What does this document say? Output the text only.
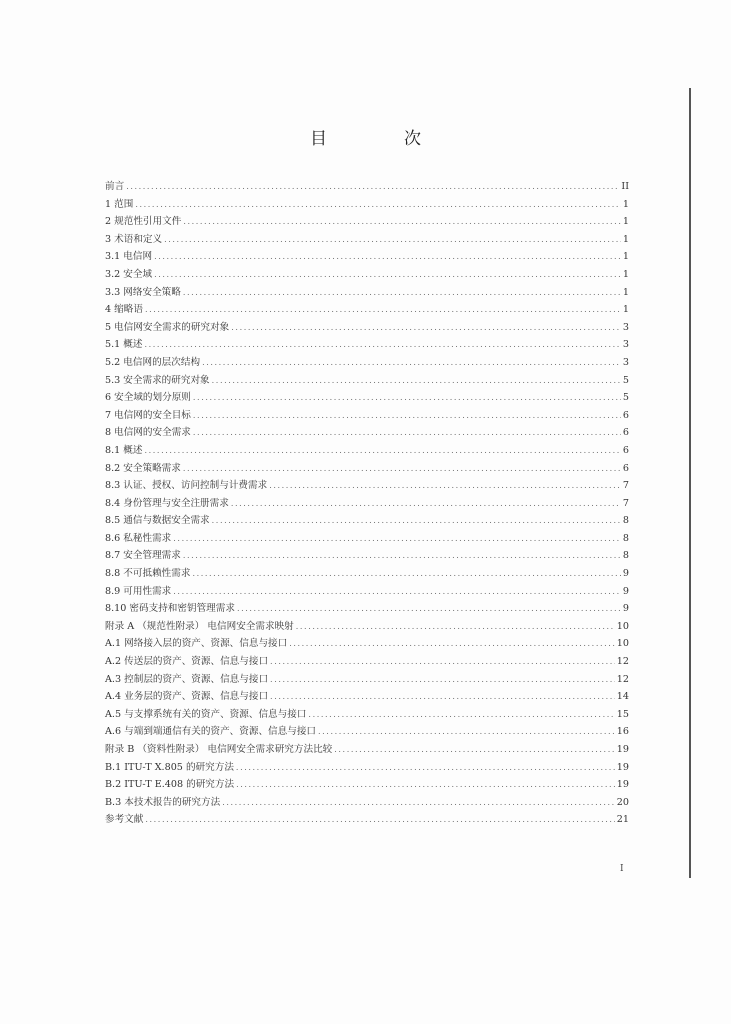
目　次
前言 .....	II
1 范围 .....	1
2 规范性引用文件 .....	1
3 术语和定义 .....	1
3.1 电信网 .....	1
3.2 安全域 .....	1
3.3 网络安全策略 .....	1
4 缩略语 .....	1
5 电信网安全需求的研究对象 .....	3
5.1 概述 .....	3
5.2 电信网的层次结构 .....	3
5.3 安全需求的研究对象 .....	5
6 安全域的划分原则 .....	5
7 电信网的安全目标 .....	6
8 电信网的安全需求 .....	6
8.1 概述 .....	6
8.2 安全策略需求 .....	6
8.3 认证、授权、访问控制与计费需求 .....	7
8.4 身份管理与安全注册需求 .....	7
8.5 通信与数据安全需求 .....	8
8.6 私秘性需求 .....	8
8.7 安全管理需求 .....	8
8.8 不可抵赖性需求 .....	9
8.9 可用性需求 .....	9
8.10 密码支持和密钥管理需求 .....	9
附录 A （规范性附录） 电信网安全需求映射 .....	10
A.1 网络接入层的资产、资源、信息与接口 .....	10
A.2 传送层的资产、资源、信息与接口 .....	12
A.3 控制层的资产、资源、信息与接口 .....	12
A.4 业务层的资产、资源、信息与接口 .....	14
A.5 与支撑系统有关的资产、资源、信息与接口 .....	15
A.6 与端到端通信有关的资产、资源、信息与接口 .....	16
附录 B （资料性附录） 电信网安全需求研究方法比较 .....	19
B.1 ITU-T X.805 的研究方法 .....	19
B.2 ITU-T E.408 的研究方法 .....	19
B.3 本技术报告的研究方法 .....	20
参考文献 .....	21
I
